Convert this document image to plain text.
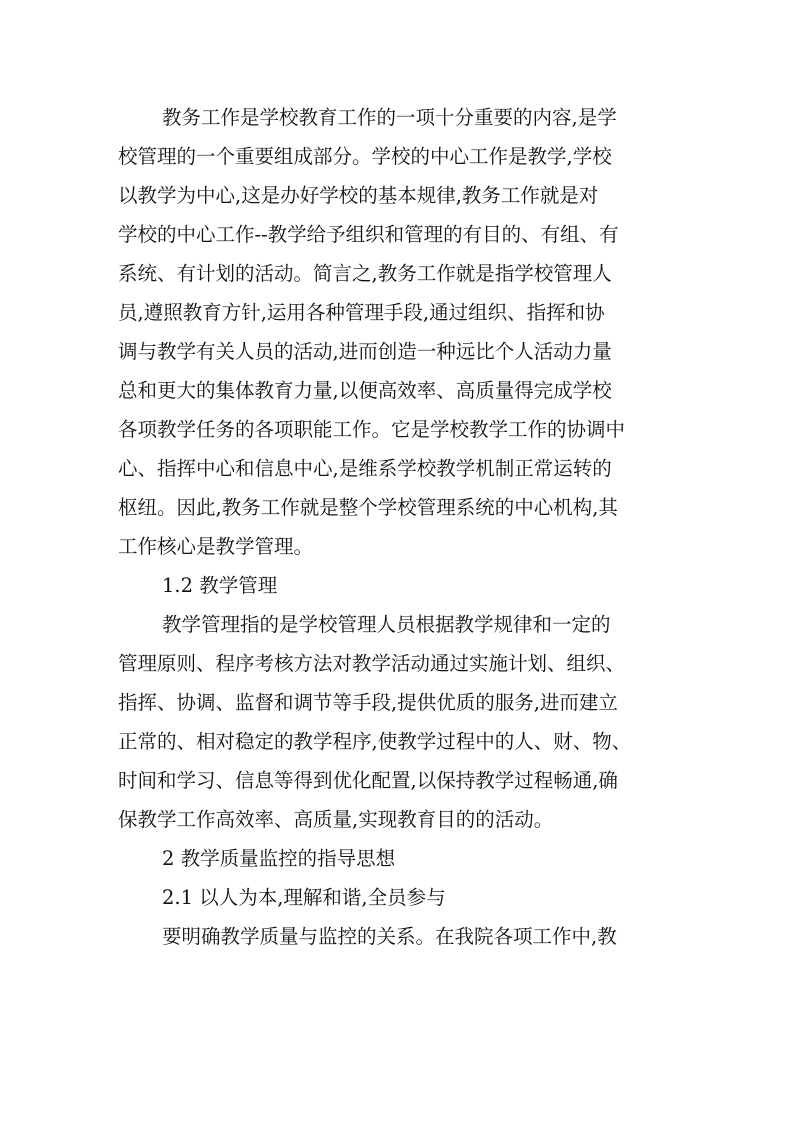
教务工作是学校教育工作的一项十分重要的内容,是学
校管理的一个重要组成部分。学校的中心工作是教学,学校
以教学为中心,这是办好学校的基本规律,教务工作就是对
学校的中心工作--教学给予组织和管理的有目的、有组、有
系统、有计划的活动。简言之,教务工作就是指学校管理人
员,遵照教育方针,运用各种管理手段,通过组织、指挥和协
调与教学有关人员的活动,进而创造一种远比个人活动力量
总和更大的集体教育力量,以便高效率、高质量得完成学校
各项教学任务的各项职能工作。它是学校教学工作的协调中
心、指挥中心和信息中心,是维系学校教学机制正常运转的
枢纽。因此,教务工作就是整个学校管理系统的中心机构,其
工作核心是教学管理。
1.2 教学管理
教学管理指的是学校管理人员根据教学规律和一定的
管理原则、程序考核方法对教学活动通过实施计划、组织、
指挥、协调、监督和调节等手段,提供优质的服务,进而建立
正常的、相对稳定的教学程序,使教学过程中的人、财、物、
时间和学习、信息等得到优化配置,以保持教学过程畅通,确
保教学工作高效率、高质量,实现教育目的的活动。
2 教学质量监控的指导思想
2.1 以人为本,理解和谐,全员参与
要明确教学质量与监控的关系。在我院各项工作中,教
